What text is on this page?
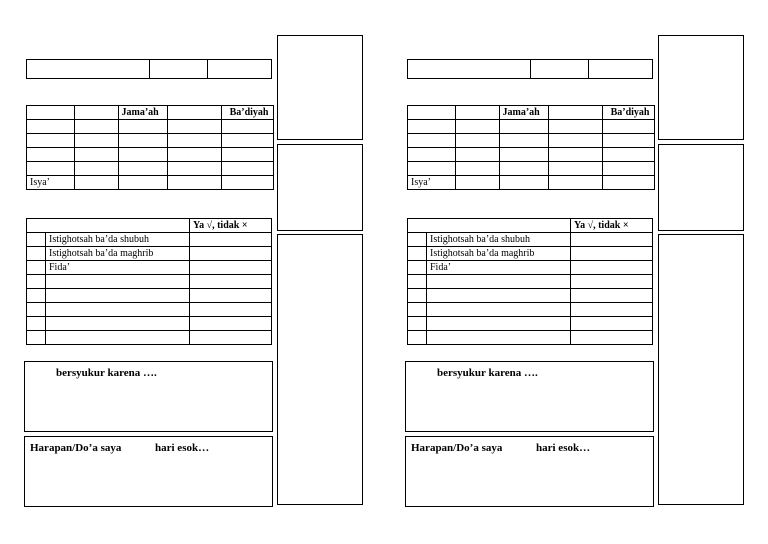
		Jama’ah		Ba’diyah

Isya’				
		Ya √, tidak ×
	Istighotsah ba’da shubuh	
	Istighotsah ba’da maghrib	
	Fida’	

bersyukur karena ….
Harapan/Do’a saya	hari esok…
		Jama’ah		Ba’diyah

Isya’				
		Ya √, tidak ×
	Istighotsah ba’da shubuh	
	Istighotsah ba’da maghrib	
	Fida’	

bersyukur karena ….
Harapan/Do’a saya	hari esok…
